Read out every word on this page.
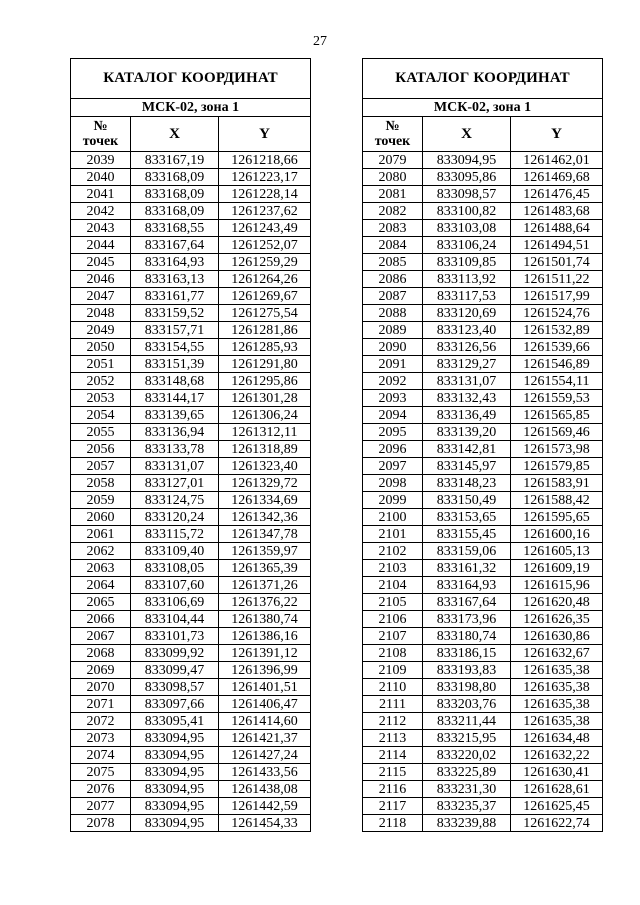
27
КАТАЛОГ КООРДИНАТ		
МСК-02, зона 1		
№
точек	X	Y
2039	833167,19	1261218,66
2040	833168,09	1261223,17
2041	833168,09	1261228,14
2042	833168,09	1261237,62
2043	833168,55	1261243,49
2044	833167,64	1261252,07
2045	833164,93	1261259,29
2046	833163,13	1261264,26
2047	833161,77	1261269,67
2048	833159,52	1261275,54
2049	833157,71	1261281,86
2050	833154,55	1261285,93
2051	833151,39	1261291,80
2052	833148,68	1261295,86
2053	833144,17	1261301,28
2054	833139,65	1261306,24
2055	833136,94	1261312,11
2056	833133,78	1261318,89
2057	833131,07	1261323,40
2058	833127,01	1261329,72
2059	833124,75	1261334,69
2060	833120,24	1261342,36
2061	833115,72	1261347,78
2062	833109,40	1261359,97
2063	833108,05	1261365,39
2064	833107,60	1261371,26
2065	833106,69	1261376,22
2066	833104,44	1261380,74
2067	833101,73	1261386,16
2068	833099,92	1261391,12
2069	833099,47	1261396,99
2070	833098,57	1261401,51
2071	833097,66	1261406,47
2072	833095,41	1261414,60
2073	833094,95	1261421,37
2074	833094,95	1261427,24
2075	833094,95	1261433,56
2076	833094,95	1261438,08
2077	833094,95	1261442,59
2078	833094,95	1261454,33
КАТАЛОГ КООРДИНАТ		
МСК-02, зона 1		
№
точек	X	Y
2079	833094,95	1261462,01
2080	833095,86	1261469,68
2081	833098,57	1261476,45
2082	833100,82	1261483,68
2083	833103,08	1261488,64
2084	833106,24	1261494,51
2085	833109,85	1261501,74
2086	833113,92	1261511,22
2087	833117,53	1261517,99
2088	833120,69	1261524,76
2089	833123,40	1261532,89
2090	833126,56	1261539,66
2091	833129,27	1261546,89
2092	833131,07	1261554,11
2093	833132,43	1261559,53
2094	833136,49	1261565,85
2095	833139,20	1261569,46
2096	833142,81	1261573,98
2097	833145,97	1261579,85
2098	833148,23	1261583,91
2099	833150,49	1261588,42
2100	833153,65	1261595,65
2101	833155,45	1261600,16
2102	833159,06	1261605,13
2103	833161,32	1261609,19
2104	833164,93	1261615,96
2105	833167,64	1261620,48
2106	833173,96	1261626,35
2107	833180,74	1261630,86
2108	833186,15	1261632,67
2109	833193,83	1261635,38
2110	833198,80	1261635,38
2111	833203,76	1261635,38
2112	833211,44	1261635,38
2113	833215,95	1261634,48
2114	833220,02	1261632,22
2115	833225,89	1261630,41
2116	833231,30	1261628,61
2117	833235,37	1261625,45
2118	833239,88	1261622,74
